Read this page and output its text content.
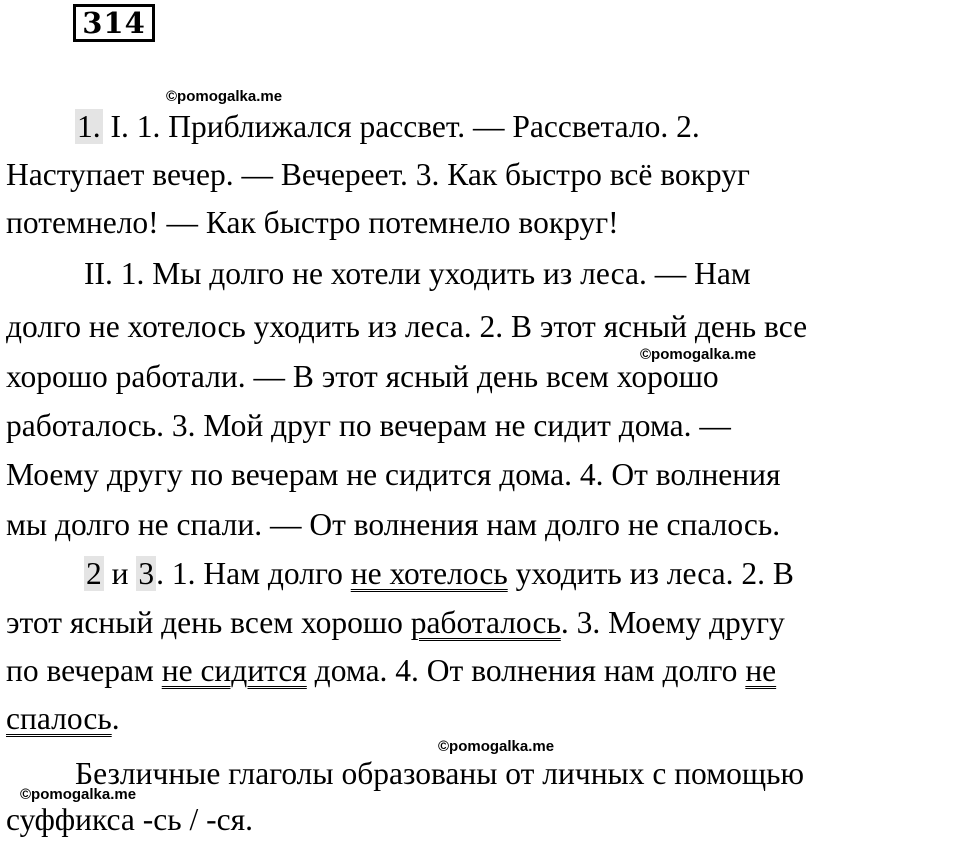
314
©pomogalka.me
©pomogalka.me
©pomogalka.me
©pomogalka.me
1. I. 1. Приближался рассвет. — Рассветало. 2.
Наступает вечер. — Вечереет. 3. Как быстро всё вокруг
потемнело! — Как быстро потемнело вокруг!
II. 1. Мы долго не хотели уходить из леса. — Нам
долго не хотелось уходить из леса. 2. В этот ясный день все
хорошо работали. — В этот ясный день всем хорошо
работалось. 3. Мой друг по вечерам не сидит дома. —
Моему другу по вечерам не сидится дома. 4. От волнения
мы долго не спали. — От волнения нам долго не спалось.
2 и 3. 1. Нам долго не хотелось уходить из леса. 2. В
этот ясный день всем хорошо работалось. 3. Моему другу
по вечерам не сидится дома. 4. От волнения нам долго не
спалось.
Безличные глаголы образованы от личных с помощью
суффикса -сь / -ся.
